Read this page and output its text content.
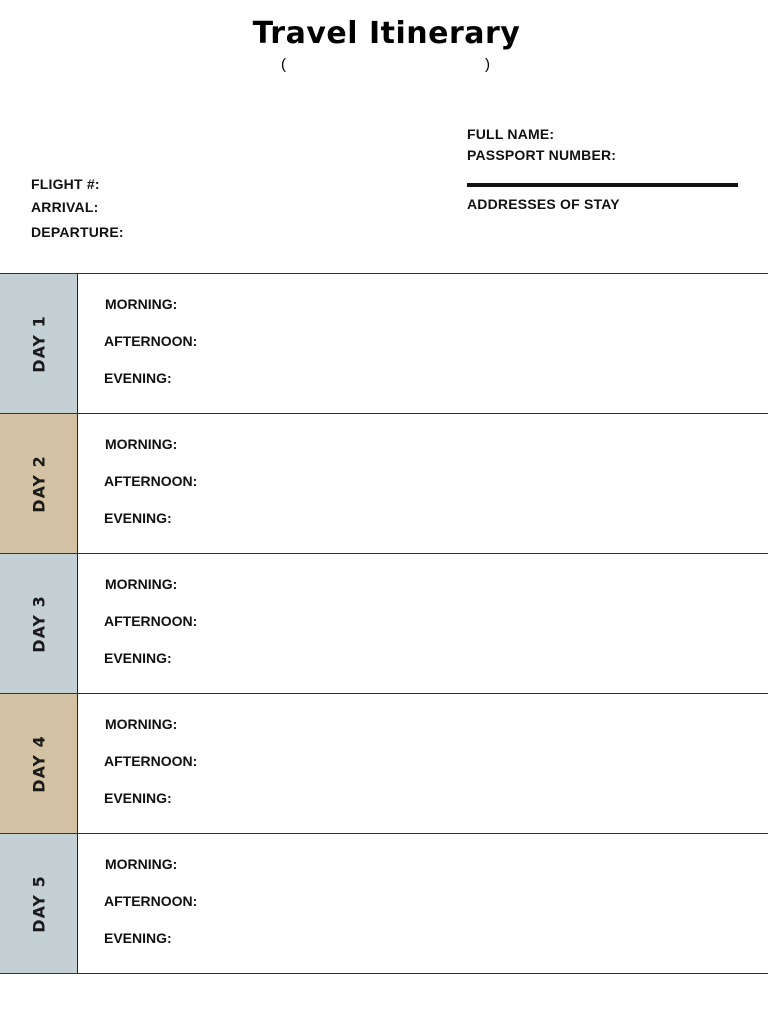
Travel Itinerary
(	)
FULL NAME:
PASSPORT NUMBER:
ADDRESSES OF STAY
FLIGHT #:
ARRIVAL:
DEPARTURE:
DAY 1
MORNING:
AFTERNOON:
EVENING:
DAY 2
MORNING:
AFTERNOON:
EVENING:
DAY 3
MORNING:
AFTERNOON:
EVENING:
DAY 4
MORNING:
AFTERNOON:
EVENING:
DAY 5
MORNING:
AFTERNOON:
EVENING:
